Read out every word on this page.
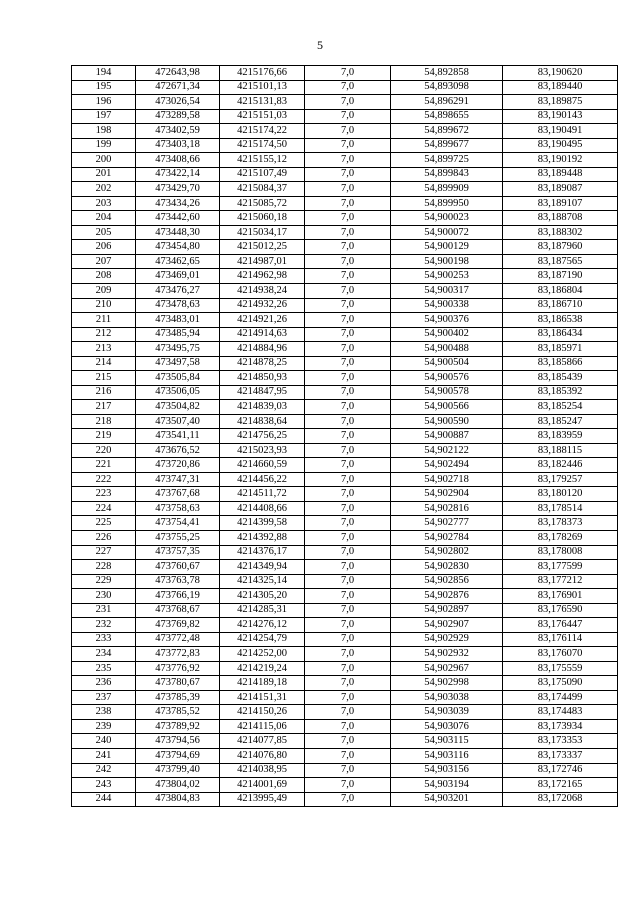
5
194	472643,98	4215176,66	7,0	54,892858	83,190620
195	472671,34	4215101,13	7,0	54,893098	83,189440
196	473026,54	4215131,83	7,0	54,896291	83,189875
197	473289,58	4215151,03	7,0	54,898655	83,190143
198	473402,59	4215174,22	7,0	54,899672	83,190491
199	473403,18	4215174,50	7,0	54,899677	83,190495
200	473408,66	4215155,12	7,0	54,899725	83,190192
201	473422,14	4215107,49	7,0	54,899843	83,189448
202	473429,70	4215084,37	7,0	54,899909	83,189087
203	473434,26	4215085,72	7,0	54,899950	83,189107
204	473442,60	4215060,18	7,0	54,900023	83,188708
205	473448,30	4215034,17	7,0	54,900072	83,188302
206	473454,80	4215012,25	7,0	54,900129	83,187960
207	473462,65	4214987,01	7,0	54,900198	83,187565
208	473469,01	4214962,98	7,0	54,900253	83,187190
209	473476,27	4214938,24	7,0	54,900317	83,186804
210	473478,63	4214932,26	7,0	54,900338	83,186710
211	473483,01	4214921,26	7,0	54,900376	83,186538
212	473485,94	4214914,63	7,0	54,900402	83,186434
213	473495,75	4214884,96	7,0	54,900488	83,185971
214	473497,58	4214878,25	7,0	54,900504	83,185866
215	473505,84	4214850,93	7,0	54,900576	83,185439
216	473506,05	4214847,95	7,0	54,900578	83,185392
217	473504,82	4214839,03	7,0	54,900566	83,185254
218	473507,40	4214838,64	7,0	54,900590	83,185247
219	473541,11	4214756,25	7,0	54,900887	83,183959
220	473676,52	4215023,93	7,0	54,902122	83,188115
221	473720,86	4214660,59	7,0	54,902494	83,182446
222	473747,31	4214456,22	7,0	54,902718	83,179257
223	473767,68	4214511,72	7,0	54,902904	83,180120
224	473758,63	4214408,66	7,0	54,902816	83,178514
225	473754,41	4214399,58	7,0	54,902777	83,178373
226	473755,25	4214392,88	7,0	54,902784	83,178269
227	473757,35	4214376,17	7,0	54,902802	83,178008
228	473760,67	4214349,94	7,0	54,902830	83,177599
229	473763,78	4214325,14	7,0	54,902856	83,177212
230	473766,19	4214305,20	7,0	54,902876	83,176901
231	473768,67	4214285,31	7,0	54,902897	83,176590
232	473769,82	4214276,12	7,0	54,902907	83,176447
233	473772,48	4214254,79	7,0	54,902929	83,176114
234	473772,83	4214252,00	7,0	54,902932	83,176070
235	473776,92	4214219,24	7,0	54,902967	83,175559
236	473780,67	4214189,18	7,0	54,902998	83,175090
237	473785,39	4214151,31	7,0	54,903038	83,174499
238	473785,52	4214150,26	7,0	54,903039	83,174483
239	473789,92	4214115,06	7,0	54,903076	83,173934
240	473794,56	4214077,85	7,0	54,903115	83,173353
241	473794,69	4214076,80	7,0	54,903116	83,173337
242	473799,40	4214038,95	7,0	54,903156	83,172746
243	473804,02	4214001,69	7,0	54,903194	83,172165
244	473804,83	4213995,49	7,0	54,903201	83,172068
